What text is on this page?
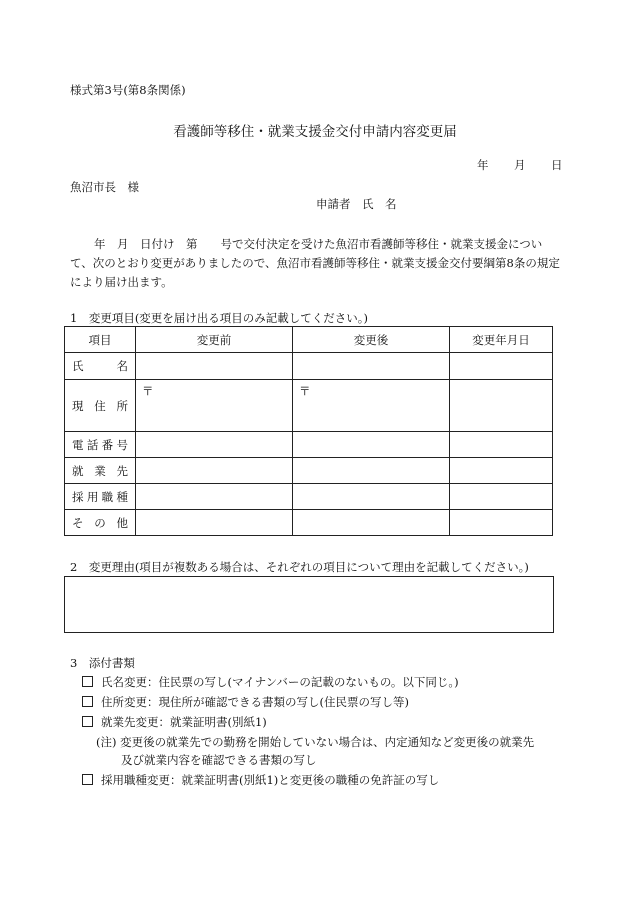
様式第3号(第8条関係)
看護師等移住・就業支援金交付申請内容変更届
年 月 日
魚沼市長　様
申請者　氏　名
年　月　日付け　第　　号で交付決定を受けた魚沼市看護師等移住・就業支援金について、次のとおり変更がありましたので、魚沼市看護師等移住・就業支援金交付要綱第8条の規定により届け出ます。
1　変更項目(変更を届け出る項目のみ記載してください。)
項目	変更前	変更後	変更年月日
氏名			
現住所	〒	〒	
電話番号			
就業先			
採用職種			
その他			
2　変更理由(項目が複数ある場合は、それぞれの項目について理由を記載してください。)
3　添付書類
氏名変更：住民票の写し(マイナンバーの記載のないもの。以下同じ。)
住所変更：現住所が確認できる書類の写し(住民票の写し等)
就業先変更：就業証明書(別紙1)
(注) 変更後の就業先での勤務を開始していない場合は、内定通知など変更後の就業先
及び就業内容を確認できる書類の写し
採用職種変更：就業証明書(別紙1)と変更後の職種の免許証の写し
